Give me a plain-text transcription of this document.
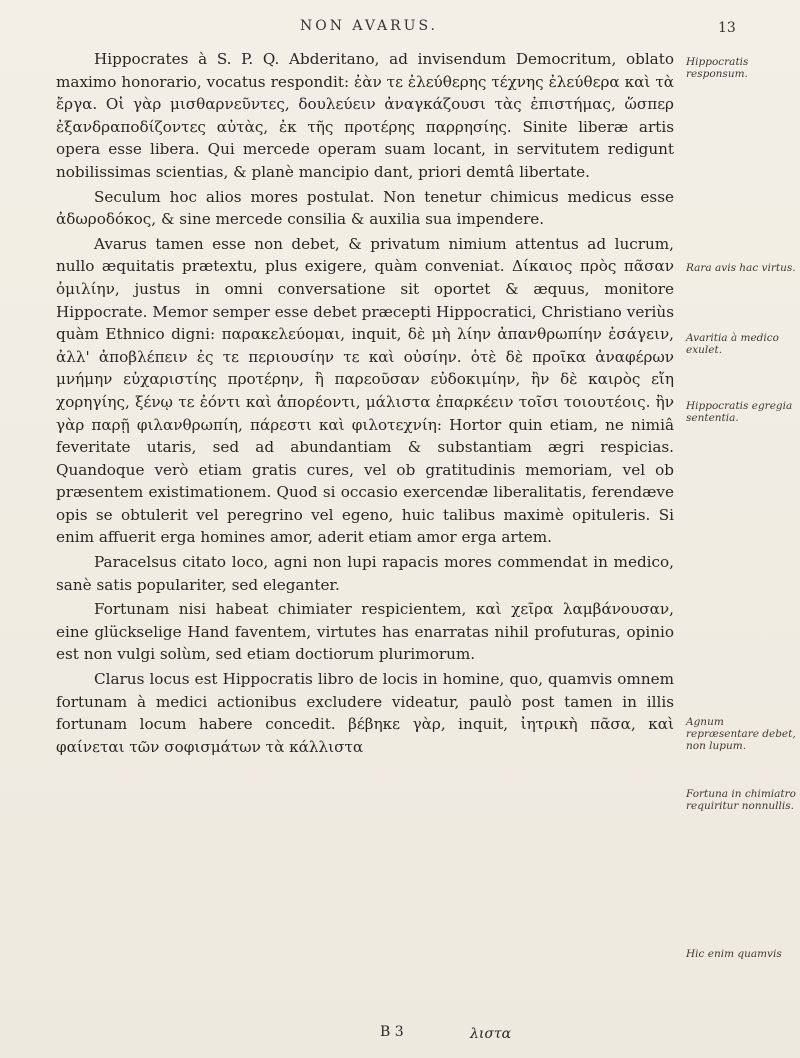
NON AVARUS.	13

Hippocrates à S. P. Q. Abderitano, ad invisendum Democritum, oblato maximo honorario, vocatus respondit: ἐὰν τε ἐλεύθερης τέχνης ἐλεύθερα καὶ τὰ ἔργα. Οἱ γὰρ μισθαρνεῦντες, δουλεύειν ἀναγκάζουσι τὰς ἐπιστήμας, ὥσπερ ἐξανδραποδίζοντες αὐτὰς, ἐκ τῆς προτέρης παρρησίης. Sinite liberæ artis opera esse libera. Qui mercede operam suam locant, in servitutem redigunt nobilissimas scientias, & planè mancipio dant, priori demtâ libertate.

Seculum hoc alios mores postulat. Non tenetur chimicus medicus esse ἀδωροδόκος, & sine mercede consilia & auxilia sua impendere.

Avarus tamen esse non debet, & privatum nimium attentus ad lucrum, nullo æquitatis prætextu, plus exigere, quàm conveniat. Δίκαιος πρὸς πᾶσαν ὁμιλίην, justus in omni conversatione sit oportet & æquus, monitore Hippocrate. Memor semper esse debet præcepti Hippocratici, Christiano veriùs quàm Ethnico digni: παρακελεύομαι, inquit, δὲ μὴ λίην ἀπανθρωπίην ἐσάγειν, ἀλλ' ἀποβλέπειν ἐς τε περιουσίην τε καὶ οὐσίην. ὁτὲ δὲ προῖκα ἀναφέρων μνήμην εὐχαριστίης προτέρην, ἢ παρεοῦσαν εὐδοκιμίην, ἢν δὲ καιρὸς εἴη χορηγίης, ξένῳ τε ἐόντι καὶ ἀπορέοντι, μάλιστα ἐπαρκέειν τοῖσι τοιουτέοις. ἢν γὰρ παρῇ φιλανθρωπίη, πάρεστι καὶ φιλοτεχνίη: Hortor quin etiam, ne nimiâ feveritate utaris, sed ad abundantiam & substantiam ægri respicias. Quandoque verò etiam gratis cures, vel ob gratitudinis memoriam, vel ob præsentem existimationem. Quod si occasio exercendæ liberalitatis, ferendæve opis se obtulerit vel peregrino vel egeno, huic talibus maximè opituleris. Si enim affuerit erga homines amor, aderit etiam amor erga artem.

Paracelsus citato loco, agni non lupi rapacis mores commendat in medico, sanè satis populariter, sed eleganter.

Fortunam nisi habeat chimiater respicientem, καὶ χεῖρα λαμβάνουσαν, eine glückselige Hand faventem, virtutes has enarratas nihil profuturas, opinio est non vulgi solùm, sed etiam doctiorum plurimorum.

Clarus locus est Hippocratis libro de locis in homine, quo, quamvis omnem fortunam à medici actionibus excludere videatur, paulò post tamen in illis fortunam locum habere concedit. βέβηκε γὰρ, inquit, ἰητρικὴ πᾶσα, καὶ φαίνεται τῶν σοφισμάτων τὰ κάλλιστα

Hippocratis responsum.
Rara avis hac virtus.
Avaritia à medico exulet.
Hippocratis egregia sententia.
Agnum repræsentare debet, non lupum.
Fortuna in chimiatro requiritur nonnullis.
Hic enim quamvis
B 3	λιστα
